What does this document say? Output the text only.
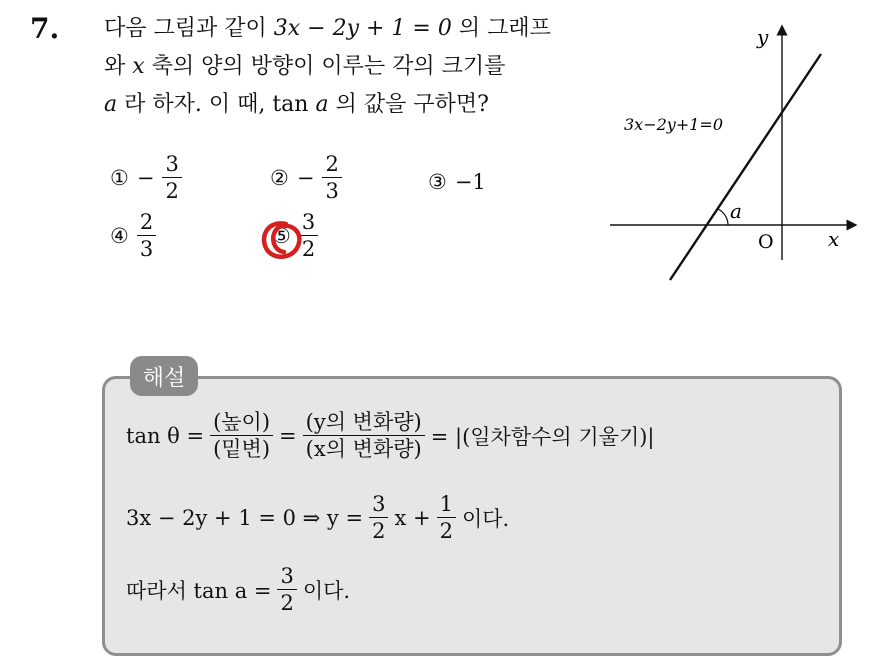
7. 다음 그림과 같이 3x − 2y + 1 = 0 의 그래프
와 x 축의 양의 방향이 이루는 각의 크기를
a 라 하자. 이 때, tan a 의 값을 구하면?
① − $\frac{3}{2}$	② − $\frac{2}{3}$	③ −1
④ $\frac{2}{3}$	⑤ $\frac{3}{2}$
y
x
O
3x−2y+1=0
a
해설
$\tan \theta = \frac{\text{(높이)}}{\text{(밑변)}} = \frac{\text{(y의 변화량)}}{\text{(x의 변화량)}}$ = |(일차함수의 기울기)|
3x − 2y + 1 = 0 ⇒ $y = \frac{3}{2}$ $x + \frac{1}{2}$ 이다.
따라서 $\tan a = \frac{3}{2}$ 이다.
